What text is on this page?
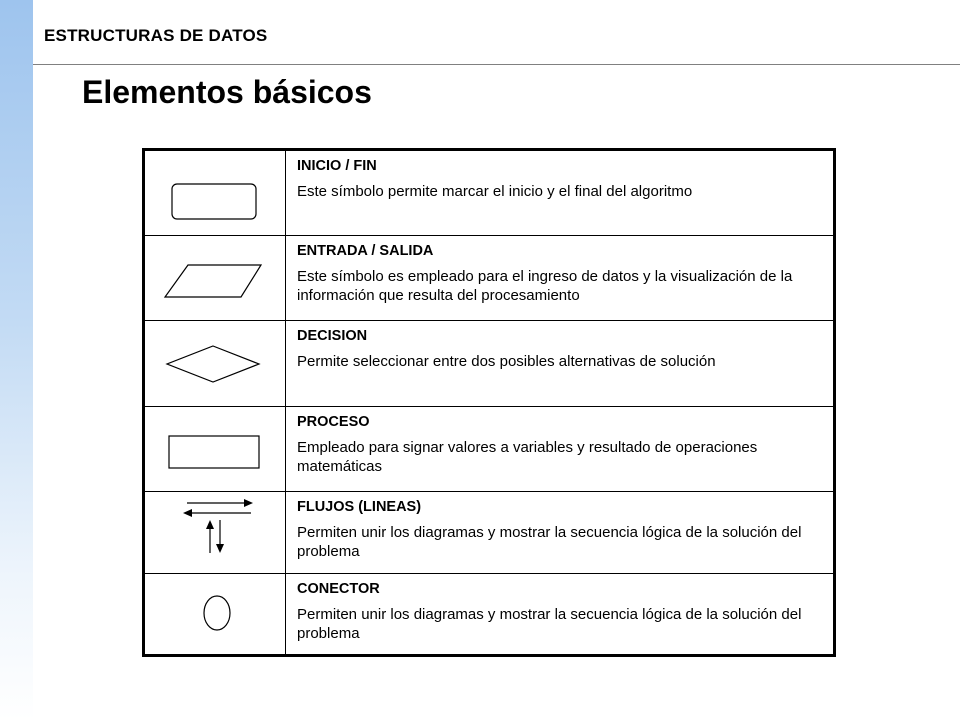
ESTRUCTURAS DE DATOS
Elementos básicos

INICIO / FIN
Este símbolo permite marcar el inicio y el final del algoritmo

ENTRADA / SALIDA
Este símbolo es empleado para el ingreso de datos y la visualización de la información que resulta del procesamiento

DECISION
Permite seleccionar entre dos posibles alternativas de solución

PROCESO
Empleado para signar valores a variables y resultado de operaciones matemáticas

FLUJOS (LINEAS)
Permiten unir los diagramas y mostrar la secuencia lógica de la solución del problema

CONECTOR
Permiten unir los diagramas y mostrar la secuencia lógica de la solución del problema
